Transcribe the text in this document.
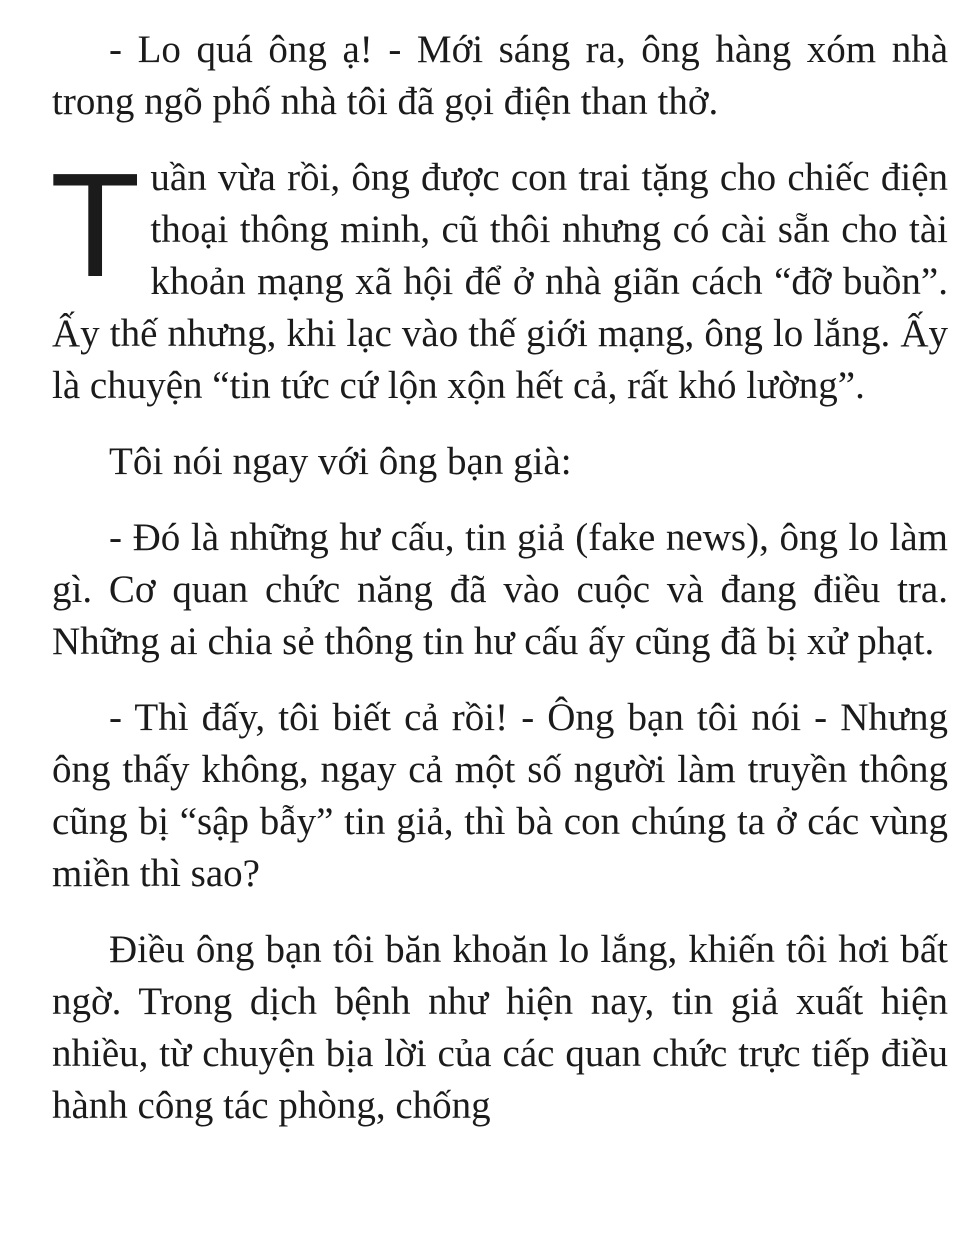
- Lo quá ông ạ! - Mới sáng ra, ông hàng xóm nhà trong ngõ phố nhà tôi đã gọi điện than thở.

Tuần vừa rồi, ông được con trai tặng cho chiếc điện thoại thông minh, cũ thôi nhưng có cài sẵn cho tài khoản mạng xã hội để ở nhà giãn cách “đỡ buồn”. Ấy thế nhưng, khi lạc vào thế giới mạng, ông lo lắng. Ấy là chuyện “tin tức cứ lộn xộn hết cả, rất khó lường”.

Tôi nói ngay với ông bạn già:

- Đó là những hư cấu, tin giả (fake news), ông lo làm gì. Cơ quan chức năng đã vào cuộc và đang điều tra. Những ai chia sẻ thông tin hư cấu ấy cũng đã bị xử phạt.

- Thì đấy, tôi biết cả rồi! - Ông bạn tôi nói - Nhưng ông thấy không, ngay cả một số người làm truyền thông cũng bị “sập bẫy” tin giả, thì bà con chúng ta ở các vùng miền thì sao?

Điều ông bạn tôi băn khoăn lo lắng, khiến tôi hơi bất ngờ. Trong dịch bệnh như hiện nay, tin giả xuất hiện nhiều, từ chuyện bịa lời của các quan chức trực tiếp điều hành công tác phòng, chống
